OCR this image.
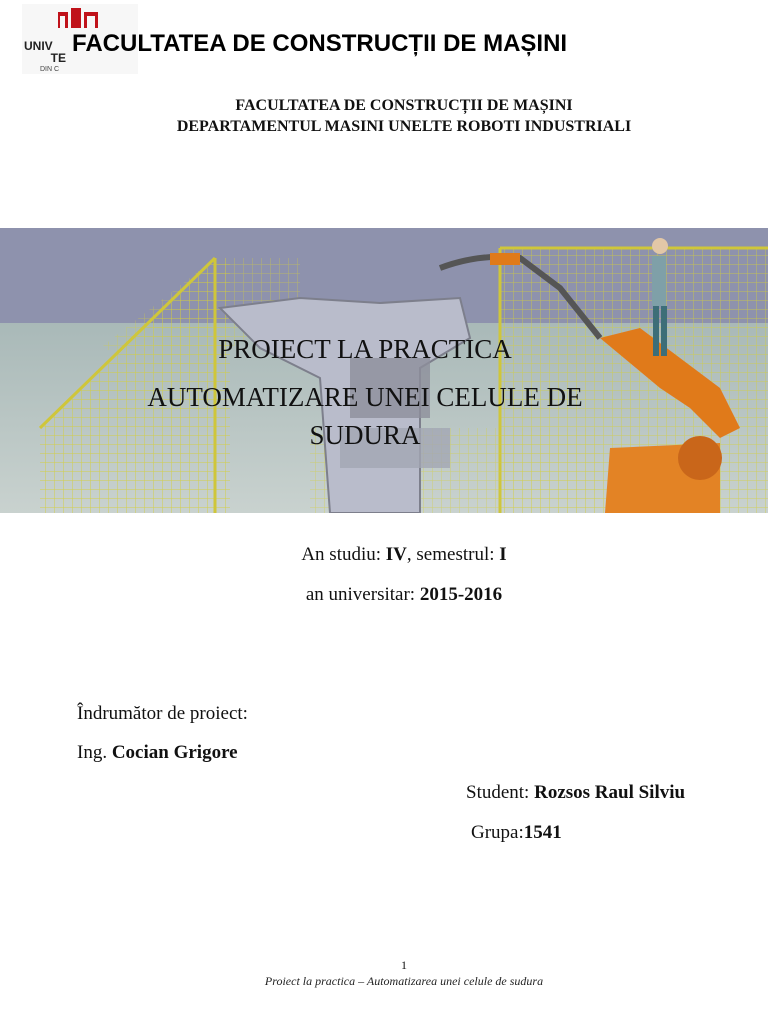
UNIV
TE
DIN C
FACULTATEA DE CONSTRUCȚII DE MAȘINI
FACULTATEA DE CONSTRUCȚII DE MAȘINI
DEPARTAMENTUL MASINI UNELTE ROBOTI INDUSTRIALI
PROIECT LA PRACTICA
AUTOMATIZARE UNEI CELULE DE
SUDURA
An studiu: IV, semestrul: I
an universitar: 2015-2016
Îndrumător de proiect:
Ing. Cocian Grigore
Student: Rozsos Raul Silviu
Grupa:1541
1
Proiect la practica – Automatizarea unei celule de sudura
